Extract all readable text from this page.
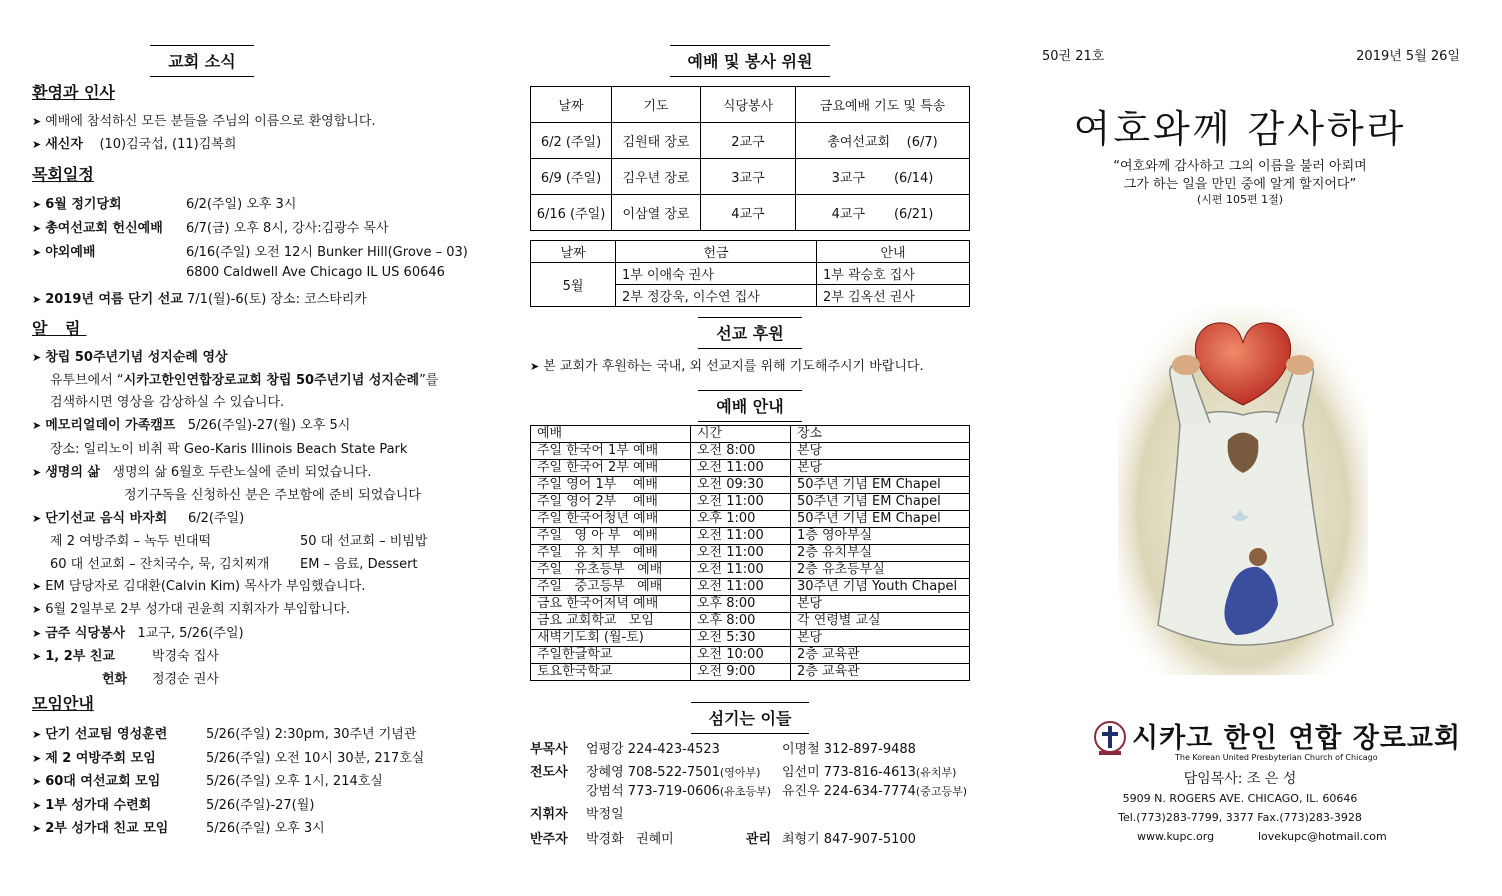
교회 소식
환영과 인사
➤ 예배에 참석하신 모든 분들을 주님의 이름으로 환영합니다.
➤ 새신자 (10)김국섭, (11)김복희
목회일정
➤ 6월 정기당회	6/2(주일) 오후 3시
➤ 총여선교회 헌신예배 6/7(금) 오후 8시, 강사:김광수 목사
➤ 야외예배	6/16(주일) 오전 12시 Bunker Hill(Grove – 03)
6800 Caldwell Ave Chicago IL US 60646
➤ 2019년 여름 단기 선교 7/1(월)-6(토) 장소: 코스타리카
알 림
➤ 창립 50주년기념 성지순례 영상
유투브에서 “시카고한인연합장로교회 창립 50주년기념 성지순례”를
검색하시면 영상을 감상하실 수 있습니다.
➤ 메모리얼데이 가족캠프 5/26(주일)-27(월) 오후 5시
장소: 일리노이 비취 팍 Geo-Karis Illinois Beach State Park
➤ 생명의 삶 생명의 삶 6월호 두란노실에 준비 되었습니다.
정기구독을 신청하신 분은 주보함에 준비 되었습니다
➤ 단기선교 음식 바자회 6/2(주일)
제 2 여방주회 – 녹두 빈대떡	50 대 선교회 – 비빔밥
60 대 선교회 – 잔치국수, 묵, 김치찌개 EM – 음료, Dessert
➤ EM 담당자로 김대환(Calvin Kim) 목사가 부임했습니다.
➤ 6월 2일부로 2부 성가대 권윤희 지휘자가 부임합니다.
➤ 금주 식당봉사 1교구, 5/26(주일)
➤ 1, 2부 친교	박경숙 집사
헌화 정경순 권사
모임안내
➤ 단기 선교팀 영성훈련	5/26(주일) 2:30pm, 30주년 기념관
➤ 제 2 여방주회 모임	5/26(주일) 오전 10시 30분, 217호실
➤ 60대 여선교회 모임	5/26(주일) 오후 1시, 214호실
➤ 1부 성가대 수련회	5/26(주일)-27(월)
➤ 2부 성가대 친교 모임	5/26(주일) 오후 3시
예배 및 봉사 위원
날짜	기도	식당봉사	금요예배 기도 및 특송
6/2 (주일)	김원태 장로	2교구	총여선교회 (6/7)
6/9 (주일)	김우년 장로	3교구	3교구 (6/14)
6/16 (주일)	이삼열 장로	4교구	4교구 (6/21)
날짜	헌금	안내
5월	1부 이애숙 권사	1부 곽승호 집사
	2부 정강욱, 이수연 집사	2부 김옥선 권사
선교 후원
➤ 본 교회가 후원하는 국내, 외 선교지를 위해 기도해주시기 바랍니다.
예배 안내
예배	시간	장소
주일 한국어 1부 예배	오전 8:00	본당
주일 한국어 2부 예배	오전 11:00	본당
주일 영어 1부    예배	오전 09:30	50주년 기념 EM Chapel
주일 영어 2부    예배	오전 11:00	50주년 기념 EM Chapel
주일 한국어청년 예배	오후 1:00	50주년 기념 EM Chapel
주일   영 아 부   예배	오전 11:00	1층 영아부실
주일   유 치 부   예배	오전 11:00	2층 유치부실
주일   유초등부   예배	오전 11:00	2층 유초등부실
주일   중고등부   예배	오전 11:00	30주년 기념 Youth Chapel
금요 한국어저녁 예배	오후 8:00	본당
금요 교회학교   모임	오후 8:00	각 연령별 교실
새벽기도회 (월-토)	오전 5:30	본당
주일한글학교	오전 10:00	2층 교육관
토요한국학교	오전 9:00	2층 교육관
섬기는 이들
부목사 엄평강 224-423-4523	이명철 312-897-9488
전도사 장혜영 708-522-7501(영아부) 임선미 773-816-4613(유치부)
강범석 773-719-0606(유초등부) 유진우 224-634-7774(중고등부)
지휘자 박정일
반주자 박경화   권혜미	관리 최형기 847-907-5100
50권 21호	2019년 5월 26일
여호와께 감사하라
“여호와께 감사하고 그의 이름을 불러 아뢰며
그가 하는 일을 만민 중에 알게 할지어다”
(시편 105편 1절)
시카고 한인 연합 장로교회
The Korean United Presbyterian Church of Chicago
담임목사: 조 은 성
5909 N. ROGERS AVE. CHICAGO, IL. 60646
Tel.(773)283-7799, 3377 Fax.(773)283-3928
www.kupc.org	lovekupc@hotmail.com
